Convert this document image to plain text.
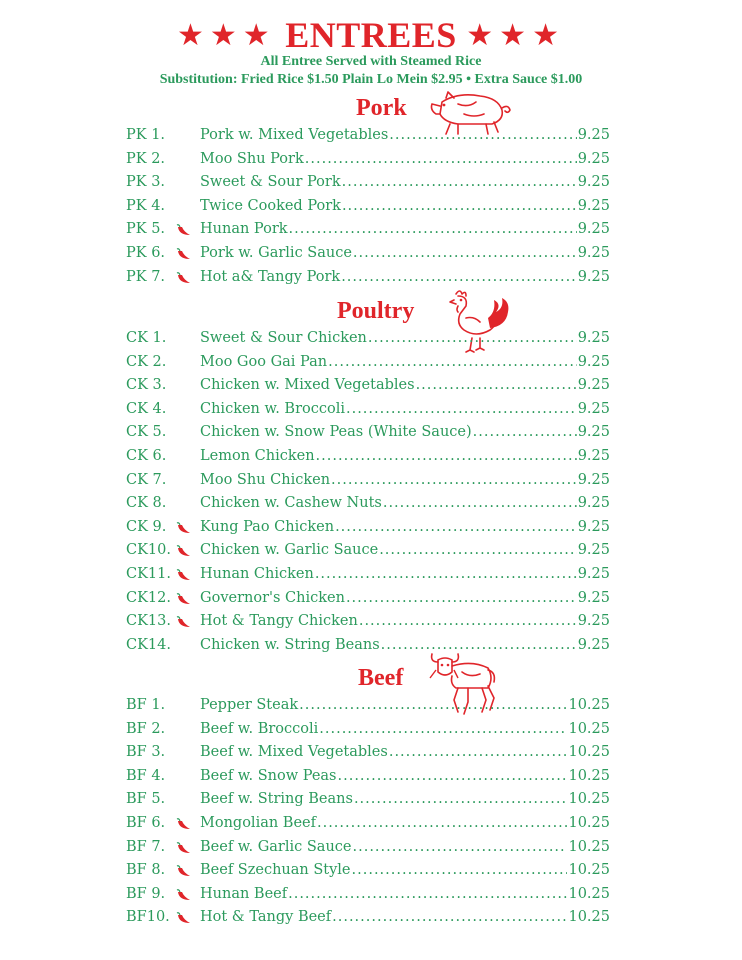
★★★ ENTREES ★★★
All Entree Served with Steamed Rice
Substitution: Fried Rice $1.50 Plain Lo Mein $2.95 • Extra Sauce $1.00
Pork
PK 1. Pork w. Mixed Vegetables .....	9.25
PK 2. Moo Shu Pork .....	9.25
PK 3. Sweet & Sour Pork .....	9.25
PK 4. Twice Cooked Pork .....	9.25
PK 5. Hunan Pork .....	9.25
PK 6. Pork w. Garlic Sauce .....	9.25
PK 7. Hot a& Tangy Pork .....	9.25
Poultry
CK 1. Sweet & Sour Chicken .....	9.25
CK 2. Moo Goo Gai Pan .....	9.25
CK 3. Chicken w. Mixed Vegetables .....	9.25
CK 4. Chicken w. Broccoli .....	9.25
CK 5. Chicken w. Snow Peas (White Sauce) .....	9.25
CK 6. Lemon Chicken .....	9.25
CK 7. Moo Shu Chicken .....	9.25
CK 8. Chicken w. Cashew Nuts .....	9.25
CK 9. Kung Pao Chicken .....	9.25
CK10. Chicken w. Garlic Sauce .....	9.25
CK11. Hunan Chicken .....	9.25
CK12. Governor's Chicken .....	9.25
CK13. Hot & Tangy Chicken .....	9.25
CK14. Chicken w. String Beans .....	9.25
Beef
BF 1. Pepper Steak .....	10.25
BF 2. Beef w. Broccoli .....	10.25
BF 3. Beef w. Mixed Vegetables .....	10.25
BF 4. Beef w. Snow Peas .....	10.25
BF 5. Beef w. String Beans .....	10.25
BF 6. Mongolian Beef .....	10.25
BF 7. Beef w. Garlic Sauce .....	10.25
BF 8. Beef Szechuan Style .....	10.25
BF 9. Hunan Beef .....	10.25
BF10. Hot & Tangy Beef .....	10.25
